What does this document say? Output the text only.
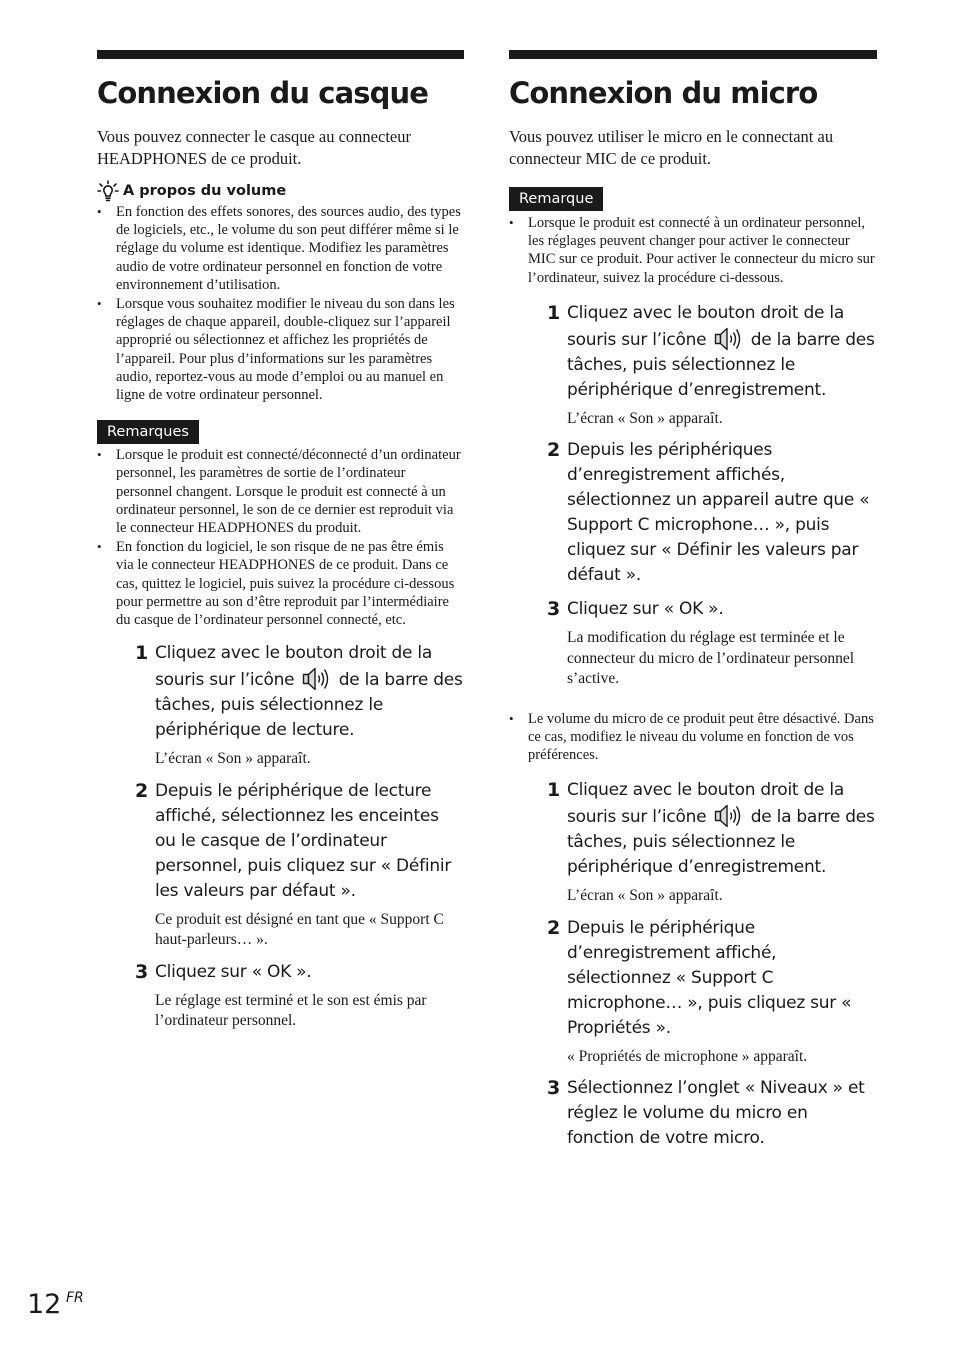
Connexion du casque

Vous pouvez connecter le casque au connecteur HEADPHONES de ce produit.

A propos du volume
• En fonction des effets sonores, des sources audio, des types de logiciels, etc., le volume du son peut différer même si le réglage du volume est identique. Modifiez les paramètres audio de votre ordinateur personnel en fonction de votre environnement d’utilisation.
• Lorsque vous souhaitez modifier le niveau du son dans les réglages de chaque appareil, double-cliquez sur l’appareil approprié ou sélectionnez et affichez les propriétés de l’appareil. Pour plus d’informations sur les paramètres audio, reportez-vous au mode d’emploi ou au manuel en ligne de votre ordinateur personnel.
Remarques
• Lorsque le produit est connecté/déconnecté d’un ordinateur personnel, les paramètres de sortie de l’ordinateur personnel changent. Lorsque le produit est connecté à un ordinateur personnel, le son de ce dernier est reproduit via le connecteur HEADPHONES du produit.
• En fonction du logiciel, le son risque de ne pas être émis via le connecteur HEADPHONES de ce produit. Dans ce cas, quittez le logiciel, puis suivez la procédure ci-dessous pour permettre au son d’être reproduit par l’intermédiaire du casque de l’ordinateur personnel connecté, etc.
1 Cliquez avec le bouton droit de la souris sur l’icône	de la barre des tâches, puis sélectionnez le périphérique de lecture.
L’écran « Son » apparaît.
2 Depuis le périphérique de lecture affiché, sélectionnez les enceintes ou le casque de l’ordinateur personnel, puis cliquez sur « Définir les valeurs par défaut ».
Ce produit est désigné en tant que « Support C haut-parleurs… ».
3 Cliquez sur « OK ».
Le réglage est terminé et le son est émis par l’ordinateur personnel.
Connexion du micro

Vous pouvez utiliser le micro en le connectant au connecteur MIC de ce produit.

Remarque
• Lorsque le produit est connecté à un ordinateur personnel, les réglages peuvent changer pour activer le connecteur MIC sur ce produit. Pour activer le connecteur du micro sur l’ordinateur, suivez la procédure ci-dessous.
1 Cliquez avec le bouton droit de la souris sur l’icône	de la barre des tâches, puis sélectionnez le périphérique d’enregistrement.
L’écran « Son » apparaît.
2 Depuis les périphériques d’enregistrement affichés, sélectionnez un appareil autre que « Support C microphone… », puis cliquez sur « Définir les valeurs par défaut ».
3 Cliquez sur « OK ».
La modification du réglage est terminée et le connecteur du micro de l’ordinateur personnel s’active.
• Le volume du micro de ce produit peut être désactivé. Dans ce cas, modifiez le niveau du volume en fonction de vos préférences.
1 Cliquez avec le bouton droit de la souris sur l’icône	de la barre des tâches, puis sélectionnez le périphérique d’enregistrement.
L’écran « Son » apparaît.
2 Depuis le périphérique d’enregistrement affiché, sélectionnez « Support C microphone… », puis cliquez sur « Propriétés ».
« Propriétés de microphone » apparaît.
3 Sélectionnez l’onglet « Niveaux » et réglez le volume du micro en fonction de votre micro.
12 FR
